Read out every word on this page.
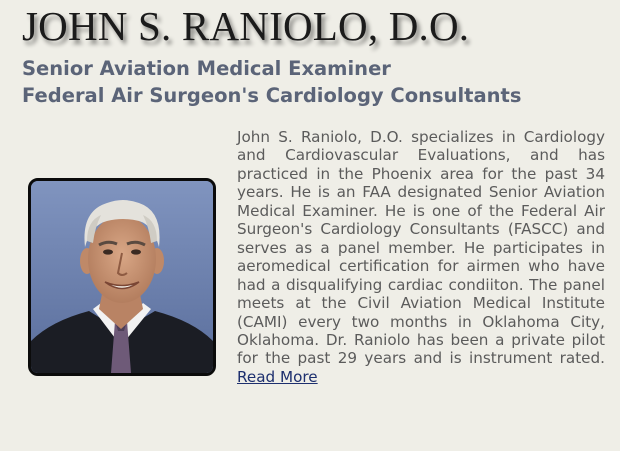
JOHN S. RANIOLO, D.O.
Senior Aviation Medical Examiner
Federal Air Surgeon's Cardiology Consultants

John S. Raniolo, D.O. specializes in Cardiology and Cardiovascular Evaluations, and has practiced in the Phoenix area for the past 34 years. He is an FAA designated Senior Aviation Medical Examiner. He is one of the Federal Air Surgeon's Cardiology Consultants (FASCC) and serves as a panel member. He participates in aeromedical certification for airmen who have had a disqualifying cardiac condiiton. The panel meets at the Civil Aviation Medical Institute (CAMI) every two months in Oklahoma City, Oklahoma. Dr. Raniolo has been a private pilot for the past 29 years and is instrument rated. Read More
